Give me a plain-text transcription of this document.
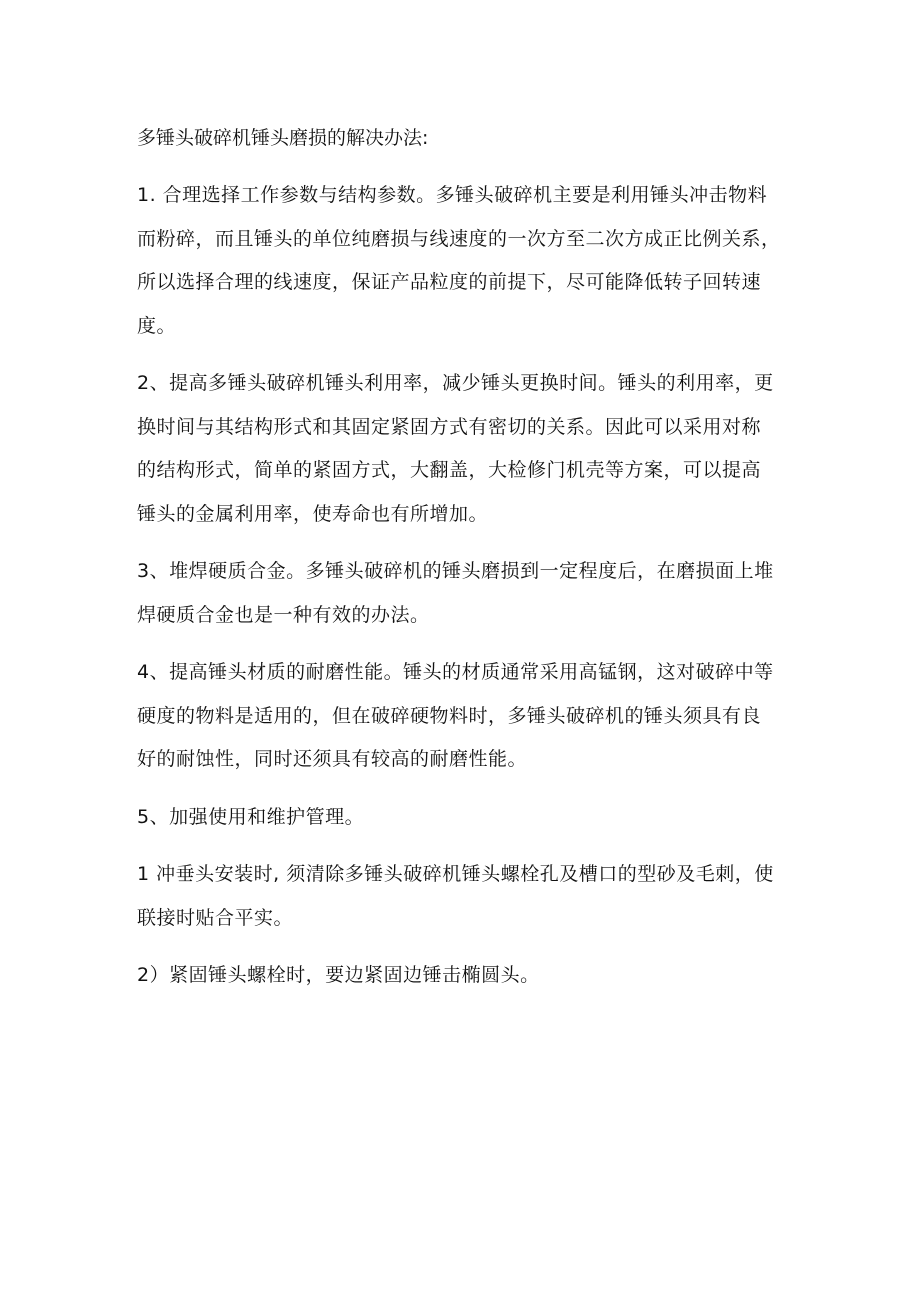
多锤头破碎机锤头磨损的解决办法:

1. 合理选择工作参数与结构参数。多锤头破碎机主要是利用锤头冲击物料
而粉碎，而且锤头的单位纯磨损与线速度的一次方至二次方成正比例关系，
所以选择合理的线速度，保证产品粒度的前提下，尽可能降低转子回转速
度。

2、提高多锤头破碎机锤头利用率，减少锤头更换时间。锤头的利用率，更
换时间与其结构形式和其固定紧固方式有密切的关系。因此可以采用对称
的结构形式，简单的紧固方式，大翻盖，大检修门机壳等方案，可以提高
锤头的金属利用率，使寿命也有所增加。

3、堆焊硬质合金。多锤头破碎机的锤头磨损到一定程度后，在磨损面上堆
焊硬质合金也是一种有效的办法。

4、提高锤头材质的耐磨性能。锤头的材质通常采用高锰钢，这对破碎中等
硬度的物料是适用的，但在破碎硬物料时，多锤头破碎机的锤头须具有良
好的耐蚀性，同时还须具有较高的耐磨性能。

5、加强使用和维护管理。

1 冲垂头安装时, 须清除多锤头破碎机锤头螺栓孔及槽口的型砂及毛刺，使
联接时贴合平实。

2）紧固锤头螺栓时，要边紧固边锤击椭圆头。
